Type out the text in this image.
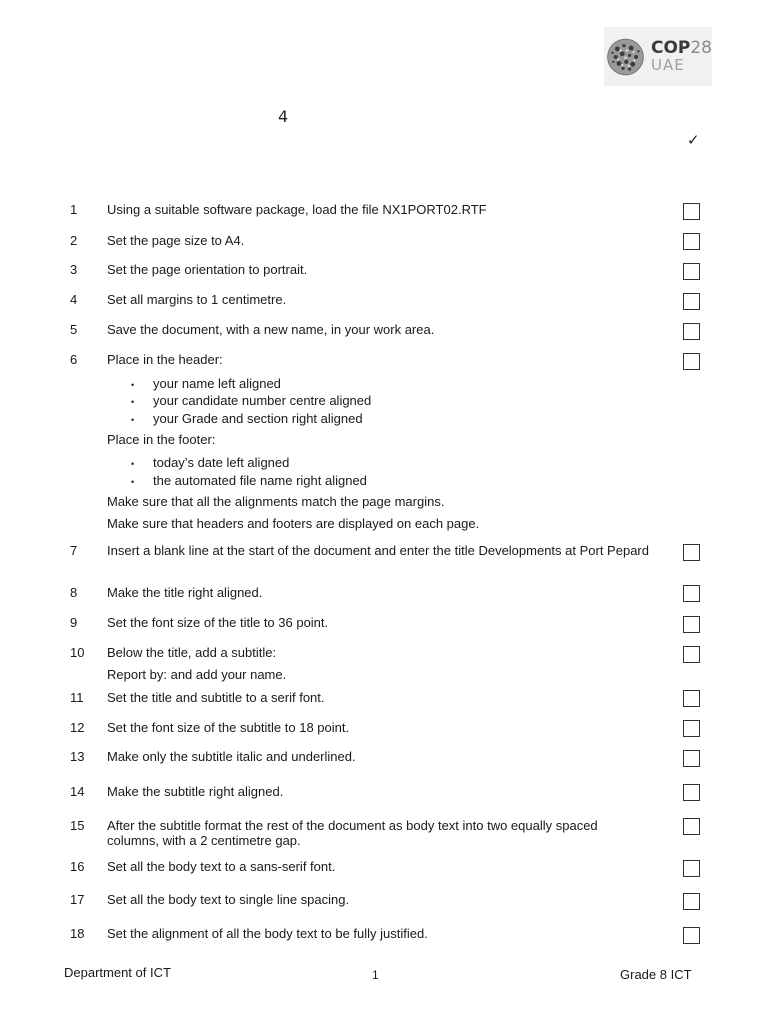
COP28
UAE
4
✓
1 Using a suitable software package, load the file NX1PORT02.RTF
2 Set the page size to A4.
3 Set the page orientation to portrait.
4 Set all margins to 1 centimetre.
5 Save the document, with a new name, in your work area.
6 Place in the header:
• your name left aligned
• your candidate number centre aligned
• your Grade and section right aligned
Place in the footer:
• today’s date left aligned
• the automated file name right aligned
Make sure that all the alignments match the page margins.
Make sure that headers and footers are displayed on each page.
7 Insert a blank line at the start of the document and enter the title Developments at Port Pepard
8 Make the title right aligned.
9 Set the font size of the title to 36 point.
10 Below the title, add a subtitle:
Report by: and add your name.
11 Set the title and subtitle to a serif font.
12 Set the font size of the subtitle to 18 point.
13 Make only the subtitle italic and underlined.
14 Make the subtitle right aligned.
15 After the subtitle format the rest of the document as body text into two equally spaced columns, with a 2 centimetre gap.
16 Set all the body text to a sans-serif font.
17 Set all the body text to single line spacing.
18 Set the alignment of all the body text to be fully justified.
Department of ICT	1	Grade 8 ICT
